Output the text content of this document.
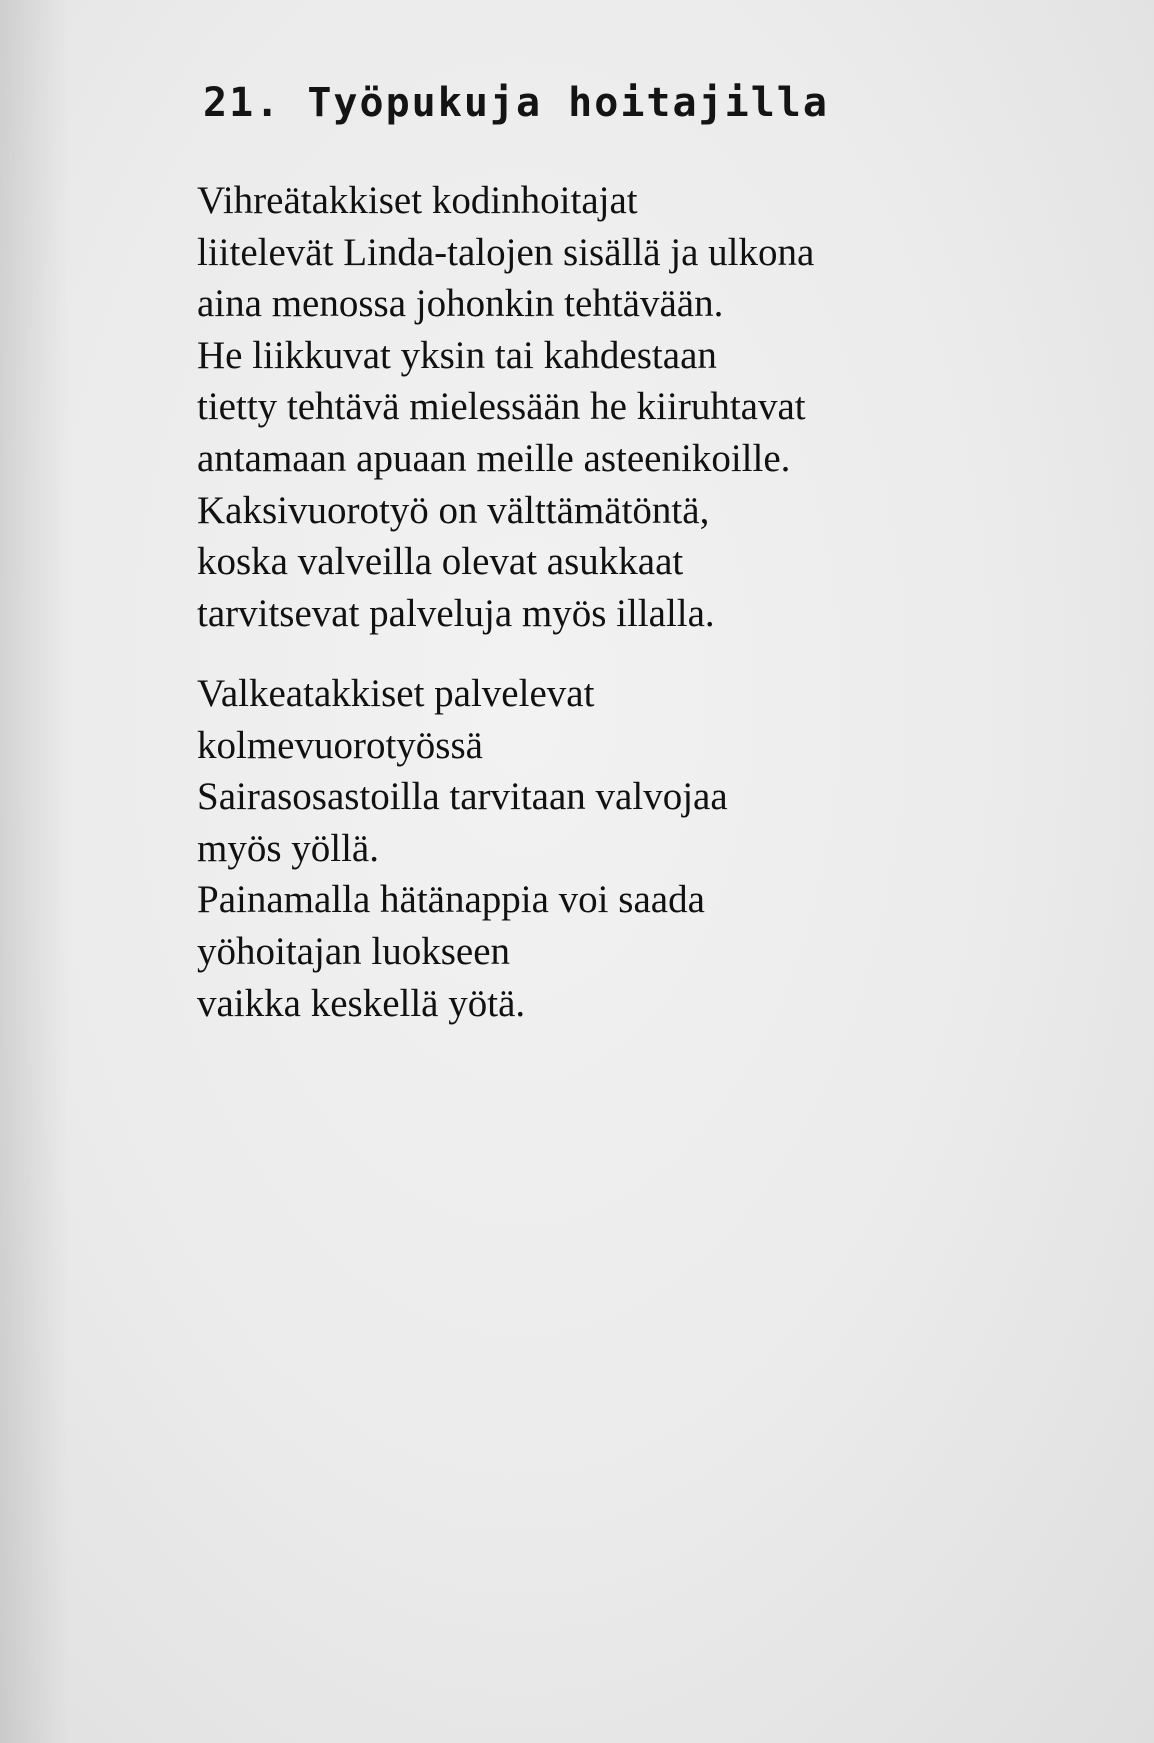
21. Työpukuja hoitajilla
Vihreätakkiset kodinhoitajat
liitelevät Linda-talojen sisällä ja ulkona
aina menossa johonkin tehtävään.
He liikkuvat yksin tai kahdestaan
tietty tehtävä mielessään he kiiruhtavat
antamaan apuaan meille asteenikoille.
Kaksivuorotyö on välttämätöntä,
koska valveilla olevat asukkaat
tarvitsevat palveluja myös illalla.
Valkeatakkiset palvelevat
kolmevuorotyössä
Sairasosastoilla tarvitaan valvojaa
myös yöllä.
Painamalla hätänappia voi saada
yöhoitajan luokseen
vaikka keskellä yötä.
